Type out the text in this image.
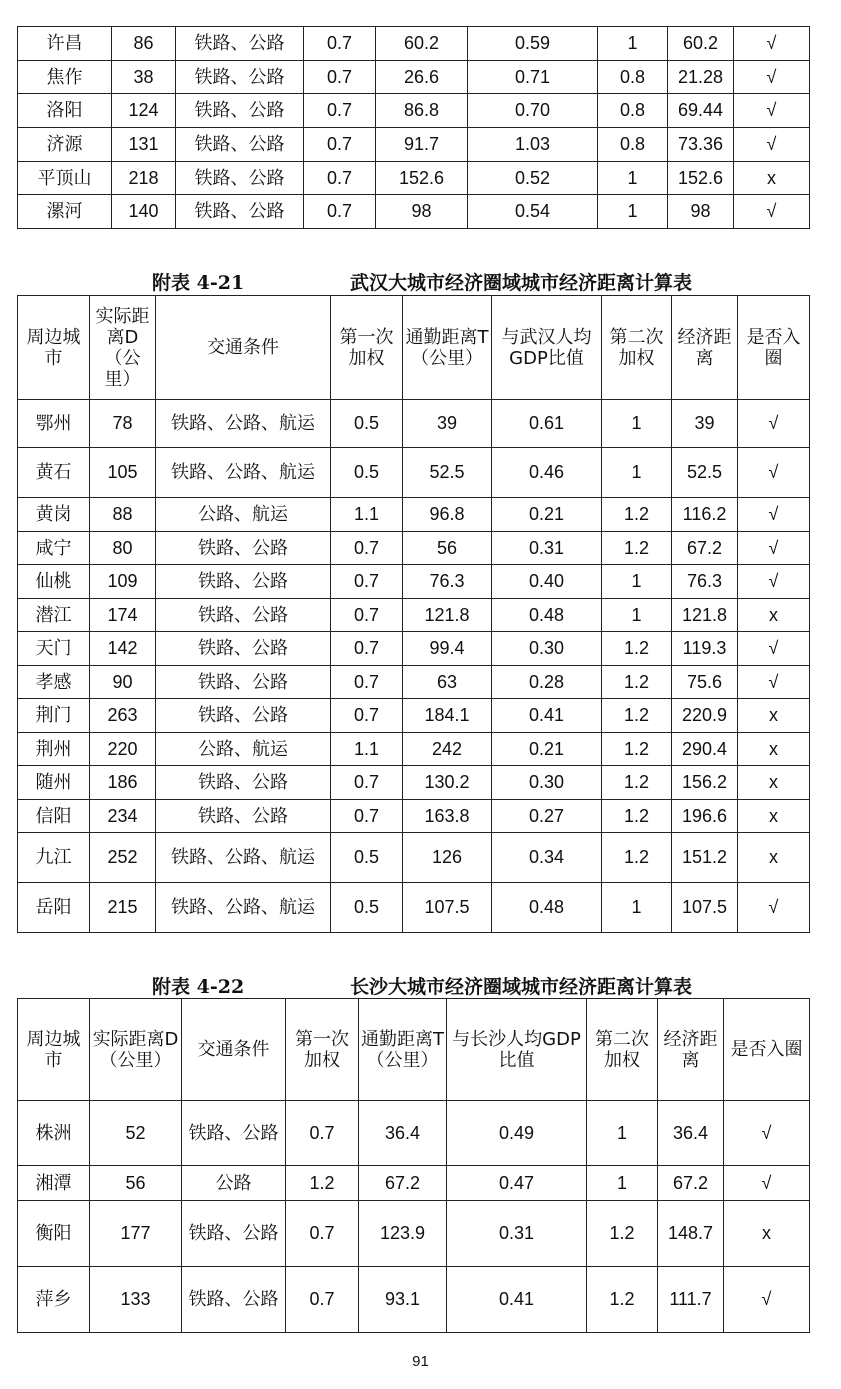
许昌	86	铁路、公路	0.7	60.2	0.59	1	60.2	√
焦作	38	铁路、公路	0.7	26.6	0.71	0.8	21.28	√
洛阳	124	铁路、公路	0.7	86.8	0.70	0.8	69.44	√
济源	131	铁路、公路	0.7	91.7	1.03	0.8	73.36	√
平顶山	218	铁路、公路	0.7	152.6	0.52	1	152.6	x
漯河	140	铁路、公路	0.7	98	0.54	1	98	√
附表 4-21	武汉大城市经济圈域城市经济距离计算表
周边城市	实际距离D（公里）	交通条件	第一次加权	通勤距离T（公里）	与武汉人均GDP比值	第二次加权	经济距离	是否入圈
鄂州	78	铁路、公路、航运	0.5	39	0.61	1	39	√
黄石	105	铁路、公路、航运	0.5	52.5	0.46	1	52.5	√
黄岗	88	公路、航运	1.1	96.8	0.21	1.2	116.2	√
咸宁	80	铁路、公路	0.7	56	0.31	1.2	67.2	√
仙桃	109	铁路、公路	0.7	76.3	0.40	1	76.3	√
潜江	174	铁路、公路	0.7	121.8	0.48	1	121.8	x
天门	142	铁路、公路	0.7	99.4	0.30	1.2	119.3	√
孝感	90	铁路、公路	0.7	63	0.28	1.2	75.6	√
荆门	263	铁路、公路	0.7	184.1	0.41	1.2	220.9	x
荆州	220	公路、航运	1.1	242	0.21	1.2	290.4	x
随州	186	铁路、公路	0.7	130.2	0.30	1.2	156.2	x
信阳	234	铁路、公路	0.7	163.8	0.27	1.2	196.6	x
九江	252	铁路、公路、航运	0.5	126	0.34	1.2	151.2	x
岳阳	215	铁路、公路、航运	0.5	107.5	0.48	1	107.5	√
附表 4-22	长沙大城市经济圈域城市经济距离计算表
周边城市	实际距离D（公里）	交通条件	第一次加权	通勤距离T（公里）	与长沙人均GDP比值	第二次加权	经济距离	是否入圈
株洲	52	铁路、公路	0.7	36.4	0.49	1	36.4	√
湘潭	56	公路	1.2	67.2	0.47	1	67.2	√
衡阳	177	铁路、公路	0.7	123.9	0.31	1.2	148.7	x
萍乡	133	铁路、公路	0.7	93.1	0.41	1.2	111.7	√
91
